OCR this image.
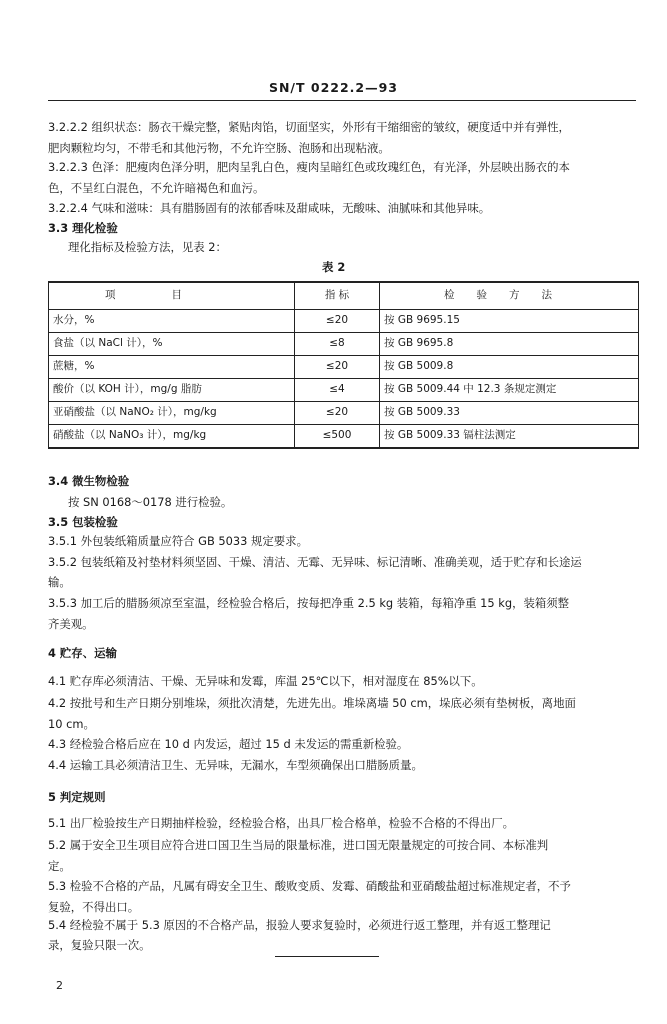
SN/T 0222.2—93
3.2.2.2 组织状态：肠衣干燥完整，紧贴肉馅，切面坚实，外形有干缩细密的皱纹，硬度适中并有弹性，
肥肉颗粒均匀，不带毛和其他污物，不允许空肠、泡肠和出现粘液。
3.2.2.3 色泽：肥瘦肉色泽分明，肥肉呈乳白色，瘦肉呈暗红色或玫瑰红色，有光泽，外层映出肠衣的本
色，不呈红白混色，不允许暗褐色和血污。
3.2.2.4 气味和滋味：具有腊肠固有的浓郁香味及甜咸味，无酸味、油腻味和其他异味。
3.3 理化检验
理化指标及检验方法，见表 2：
表 2
项目	指 标	检验方法
水分，%	≤20	按 GB 9695.15
食盐（以 NaCl 计），%	≤8	按 GB 9695.8
蔗糖，%	≤20	按 GB 5009.8
酸价（以 KOH 计），mg/g 脂肪	≤4	按 GB 5009.44 中 12.3 条规定测定
亚硝酸盐（以 NaNO₂ 计），mg/kg	≤20	按 GB 5009.33
硝酸盐（以 NaNO₃ 计），mg/kg	≤500	按 GB 5009.33 镉柱法测定
3.4 微生物检验
按 SN 0168～0178 进行检验。
3.5 包装检验
3.5.1 外包装纸箱质量应符合 GB 5033 规定要求。
3.5.2 包装纸箱及衬垫材料须坚固、干燥、清洁、无霉、无异味、标记清晰、准确美观，适于贮存和长途运
输。
3.5.3 加工后的腊肠须凉至室温，经检验合格后，按每把净重 2.5 kg 装箱，每箱净重 15 kg，装箱须整
齐美观。
4 贮存、运输
4.1 贮存库必须清洁、干燥、无异味和发霉，库温 25℃以下，相对湿度在 85%以下。
4.2 按批号和生产日期分别堆垛，须批次清楚，先进先出。堆垛离墙 50 cm，垛底必须有垫树板，离地面
10 cm。
4.3 经检验合格后应在 10 d 内发运，超过 15 d 未发运的需重新检验。
4.4 运输工具必须清洁卫生、无异味，无漏水，车型须确保出口腊肠质量。
5 判定规则
5.1 出厂检验按生产日期抽样检验，经检验合格，出具厂检合格单，检验不合格的不得出厂。
5.2 属于安全卫生项目应符合进口国卫生当局的限量标准，进口国无限量规定的可按合同、本标准判
定。
5.3 检验不合格的产品，凡属有碍安全卫生、酸败变质、发霉、硝酸盐和亚硝酸盐超过标准规定者，不予
复验，不得出口。
5.4 经检验不属于 5.3 原因的不合格产品，报验人要求复验时，必须进行返工整理，并有返工整理记
录，复验只限一次。
2
